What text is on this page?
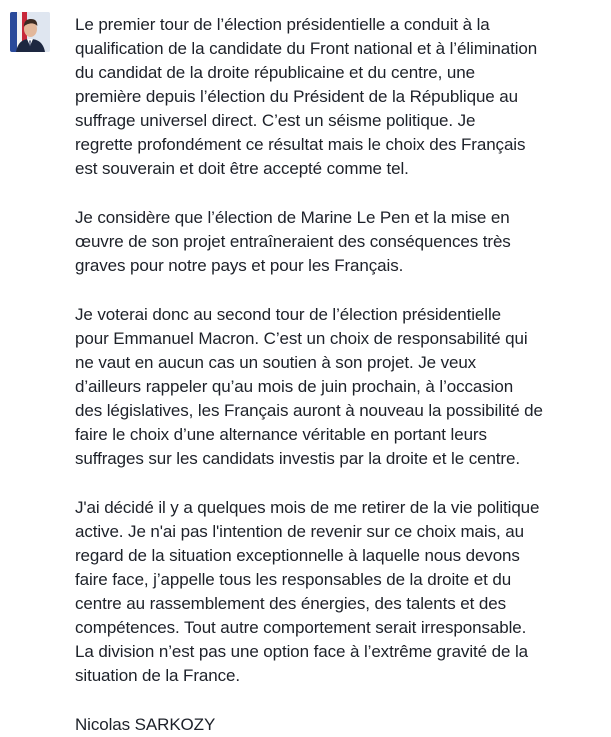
Le premier tour de l’élection présidentielle a conduit à la
qualification de la candidate du Front national et à l’élimination
du candidat de la droite républicaine et du centre, une
première depuis l’élection du Président de la République au
suffrage universel direct. C’est un séisme politique. Je
regrette profondément ce résultat mais le choix des Français
est souverain et doit être accepté comme tel.

Je considère que l’élection de Marine Le Pen et la mise en
œuvre de son projet entraîneraient des conséquences très
graves pour notre pays et pour les Français.

Je voterai donc au second tour de l’élection présidentielle
pour Emmanuel Macron. C’est un choix de responsabilité qui
ne vaut en aucun cas un soutien à son projet. Je veux
d’ailleurs rappeler qu’au mois de juin prochain, à l’occasion
des législatives, les Français auront à nouveau la possibilité de
faire le choix d’une alternance véritable en portant leurs
suffrages sur les candidats investis par la droite et le centre.

J'ai décidé il y a quelques mois de me retirer de la vie politique
active. Je n'ai pas l'intention de revenir sur ce choix mais, au
regard de la situation exceptionnelle à laquelle nous devons
faire face, j’appelle tous les responsables de la droite et du
centre au rassemblement des énergies, des talents et des
compétences. Tout autre comportement serait irresponsable.
La division n’est pas une option face à l’extrême gravité de la
situation de la France.

Nicolas SARKOZY
